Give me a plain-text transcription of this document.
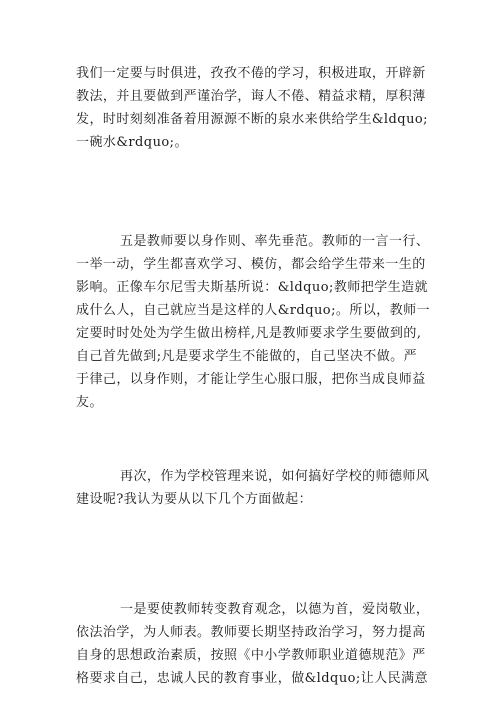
我们一定要与时俱进，孜孜不倦的学习，积极进取，开辟新
教法，并且要做到严谨治学，诲人不倦、精益求精，厚积薄
发，时时刻刻准备着用源源不断的泉水来供给学生&ldquo;
一碗水&rdquo;。
五是教师要以身作则、率先垂范。教师的一言一行、
一举一动，学生都喜欢学习、模仿，都会给学生带来一生的
影响。正像车尔尼雪夫斯基所说：&ldquo;教师把学生造就
成什么人，自己就应当是这样的人&rdquo;。所以，教师一
定要时时处处为学生做出榜样,凡是教师要求学生要做到的,
自己首先做到;凡是要求学生不能做的，自己坚决不做。严
于律己，以身作则，才能让学生心服口服，把你当成良师益
友。
再次，作为学校管理来说，如何搞好学校的师德师风
建设呢?我认为要从以下几个方面做起：
一是要使教师转变教育观念，以德为首，爱岗敬业，
依法治学，为人师表。教师要长期坚持政治学习，努力提高
自身的思想政治素质，按照《中小学教师职业道德规范》严
格要求自己，忠诚人民的教育事业，做&ldquo;让人民满意
